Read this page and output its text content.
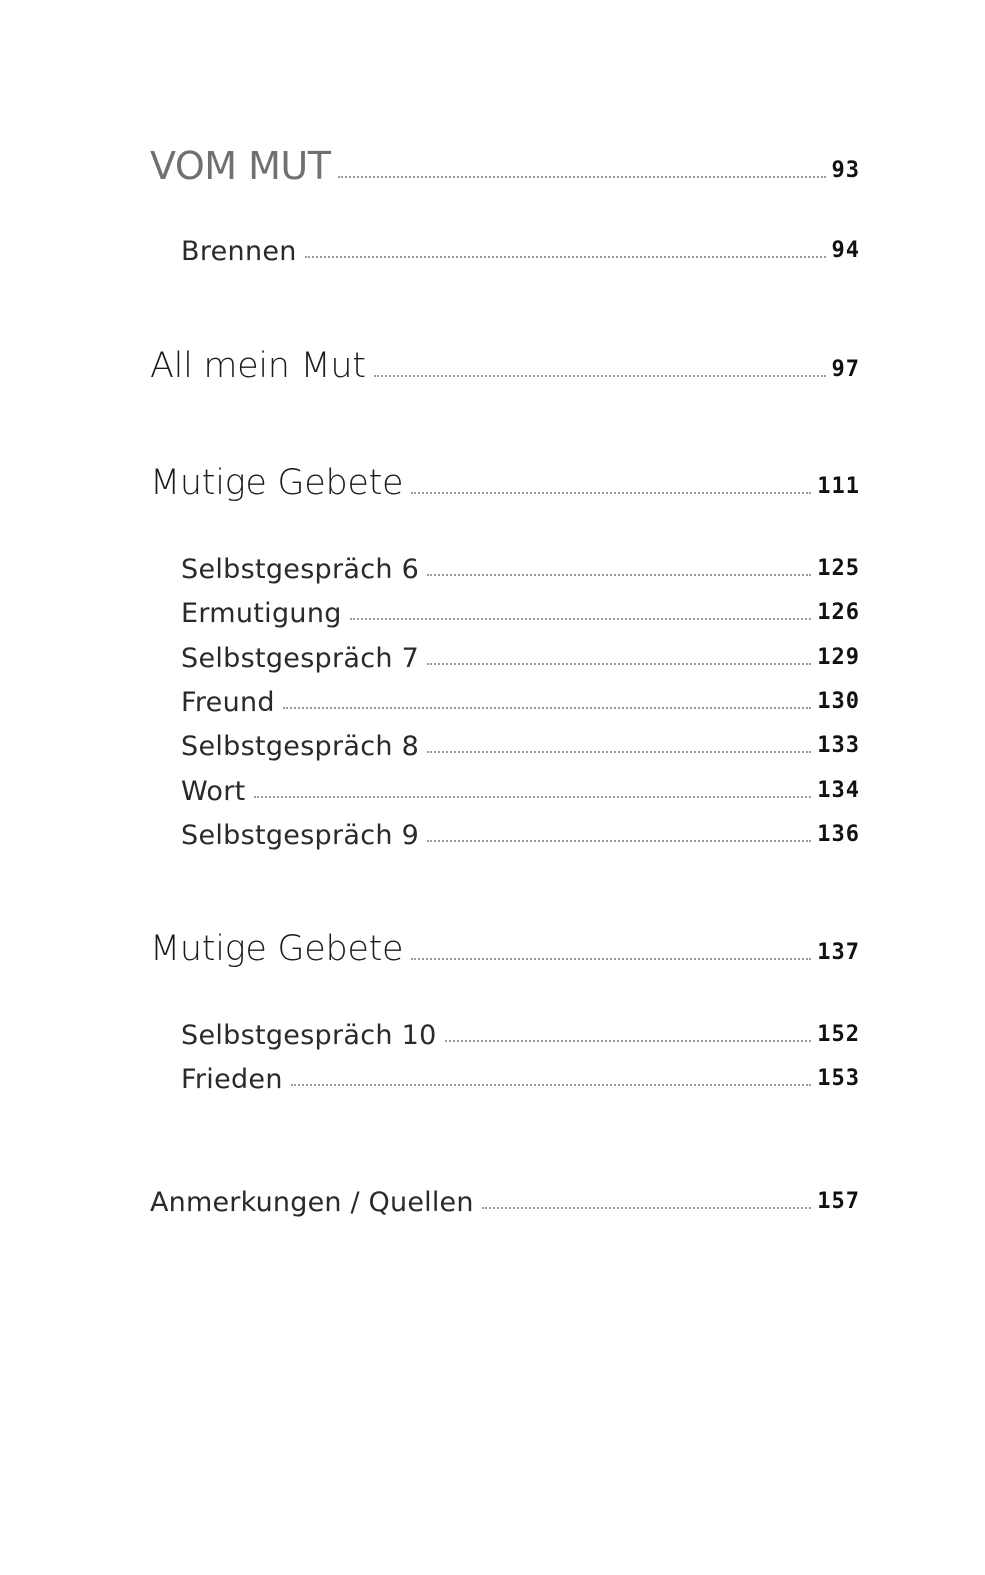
VOM MUT	93
Brennen	94
All mein Mut	97
Mutige Gebete	111
Selbstgespräch 6	125
Ermutigung	126
Selbstgespräch 7	129
Freund	130
Selbstgespräch 8	133
Wort	134
Selbstgespräch 9	136
Mutige Gebete	137
Selbstgespräch 10	152
Frieden	153
Anmerkungen / Quellen	157
